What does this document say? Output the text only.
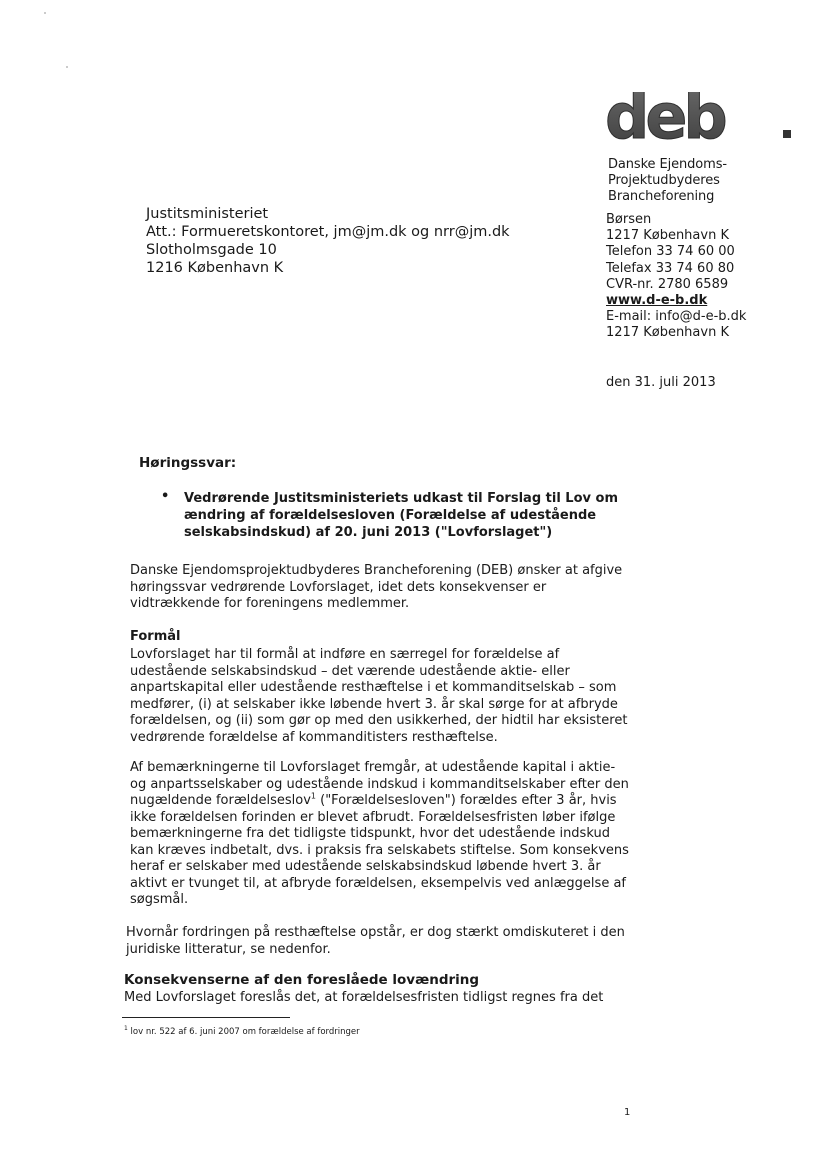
deb
Danske Ejendoms-
Projektudbyderes
Brancheforening
Børsen
1217 København K
Telefon 33 74 60 00
Telefax 33 74 60 80
CVR-nr. 2780 6589
www.d-e-b.dk
E-mail: info@d-e-b.dk
1217 København K
Justitsministeriet
Att.: Formueretskontoret, jm@jm.dk og nrr@jm.dk
Slotholmsgade 10
1216 København K
den 31. juli 2013
Høringssvar:
• Vedrørende Justitsministeriets udkast til Forslag til Lov om ændring af forældelsesloven (Forældelse af udestående selskabsindskud) af 20. juni 2013 ("Lovforslaget")
Danske Ejendomsprojektudbyderes Brancheforening (DEB) ønsker at afgive høringssvar vedrørende Lovforslaget, idet dets konsekvenser er vidtrækkende for foreningens medlemmer.
Formål
Lovforslaget har til formål at indføre en særregel for forældelse af udestående selskabsindskud – det værende udestående aktie- eller anpartskapital eller udestående resthæftelse i et kommanditselskab – som medfører, (i) at selskaber ikke løbende hvert 3. år skal sørge for at afbryde forældelsen, og (ii) som gør op med den usikkerhed, der hidtil har eksisteret vedrørende forældelse af kommanditisters resthæftelse.
Af bemærkningerne til Lovforslaget fremgår, at udestående kapital i aktie- og anpartsselskaber og udestående indskud i kommanditselskaber efter den nugældende forældelseslov$^1$ ("Forældelsesloven") forældes efter 3 år, hvis ikke forældelsen forinden er blevet afbrudt. Forældelsesfristen løber ifølge bemærkningerne fra det tidligste tidspunkt, hvor det udestående indskud kan kræves indbetalt, dvs. i praksis fra selskabets stiftelse. Som konsekvens heraf er selskaber med udestående selskabsindskud løbende hvert 3. år aktivt er tvunget til, at afbryde forældelsen, eksempelvis ved anlæggelse af søgsmål.
Hvornår fordringen på resthæftelse opstår, er dog stærkt omdiskuteret i den juridiske litteratur, se nedenfor.
Konsekvenserne af den foreslåede lovændring
Med Lovforslaget foreslås det, at forældelsesfristen tidligst regnes fra det
$^1$ lov nr. 522 af 6. juni 2007 om forældelse af fordringer
1
